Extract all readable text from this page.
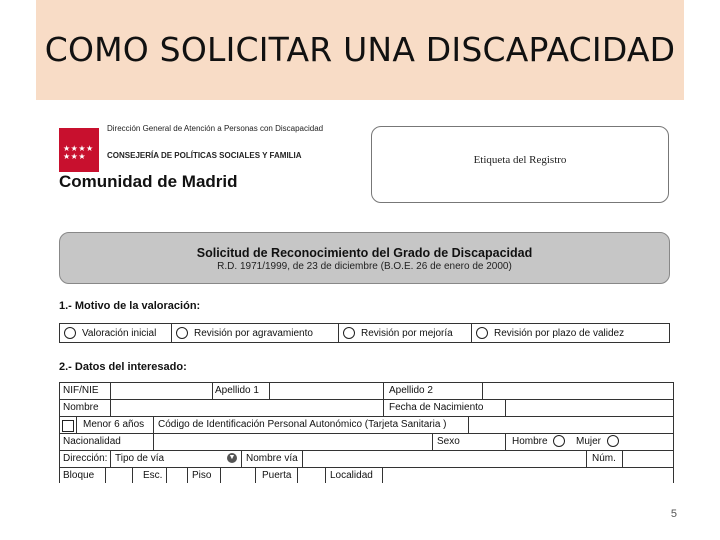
COMO SOLICITAR UNA DISCAPACIDAD
★★★★ ★★★
Dirección General de Atención a Personas con Discapacidad
CONSEJERÍA DE POLÍTICAS SOCIALES Y FAMILIA
Comunidad de Madrid
Etiqueta del Registro
Solicitud de Reconocimiento del Grado de Discapacidad
R.D. 1971/1999, de 23 de diciembre (B.O.E. 26 de enero de 2000)
1.- Motivo de la valoración:
Valoración inicial	Revisión por agravamiento	Revisión por mejoría	Revisión por plazo de validez
2.- Datos del interesado:
NIF/NIE	Apellido 1	Apellido 2
Nombre	Fecha de Nacimiento
Menor 6 años	Código de Identificación Personal Autonómico (Tarjeta Sanitaria )
Nacionalidad	Sexo	Hombre	Mujer
Dirección: Tipo de vía	▼	Nombre vía	Núm.
Bloque	Esc.	Piso	Puerta	Localidad
5
